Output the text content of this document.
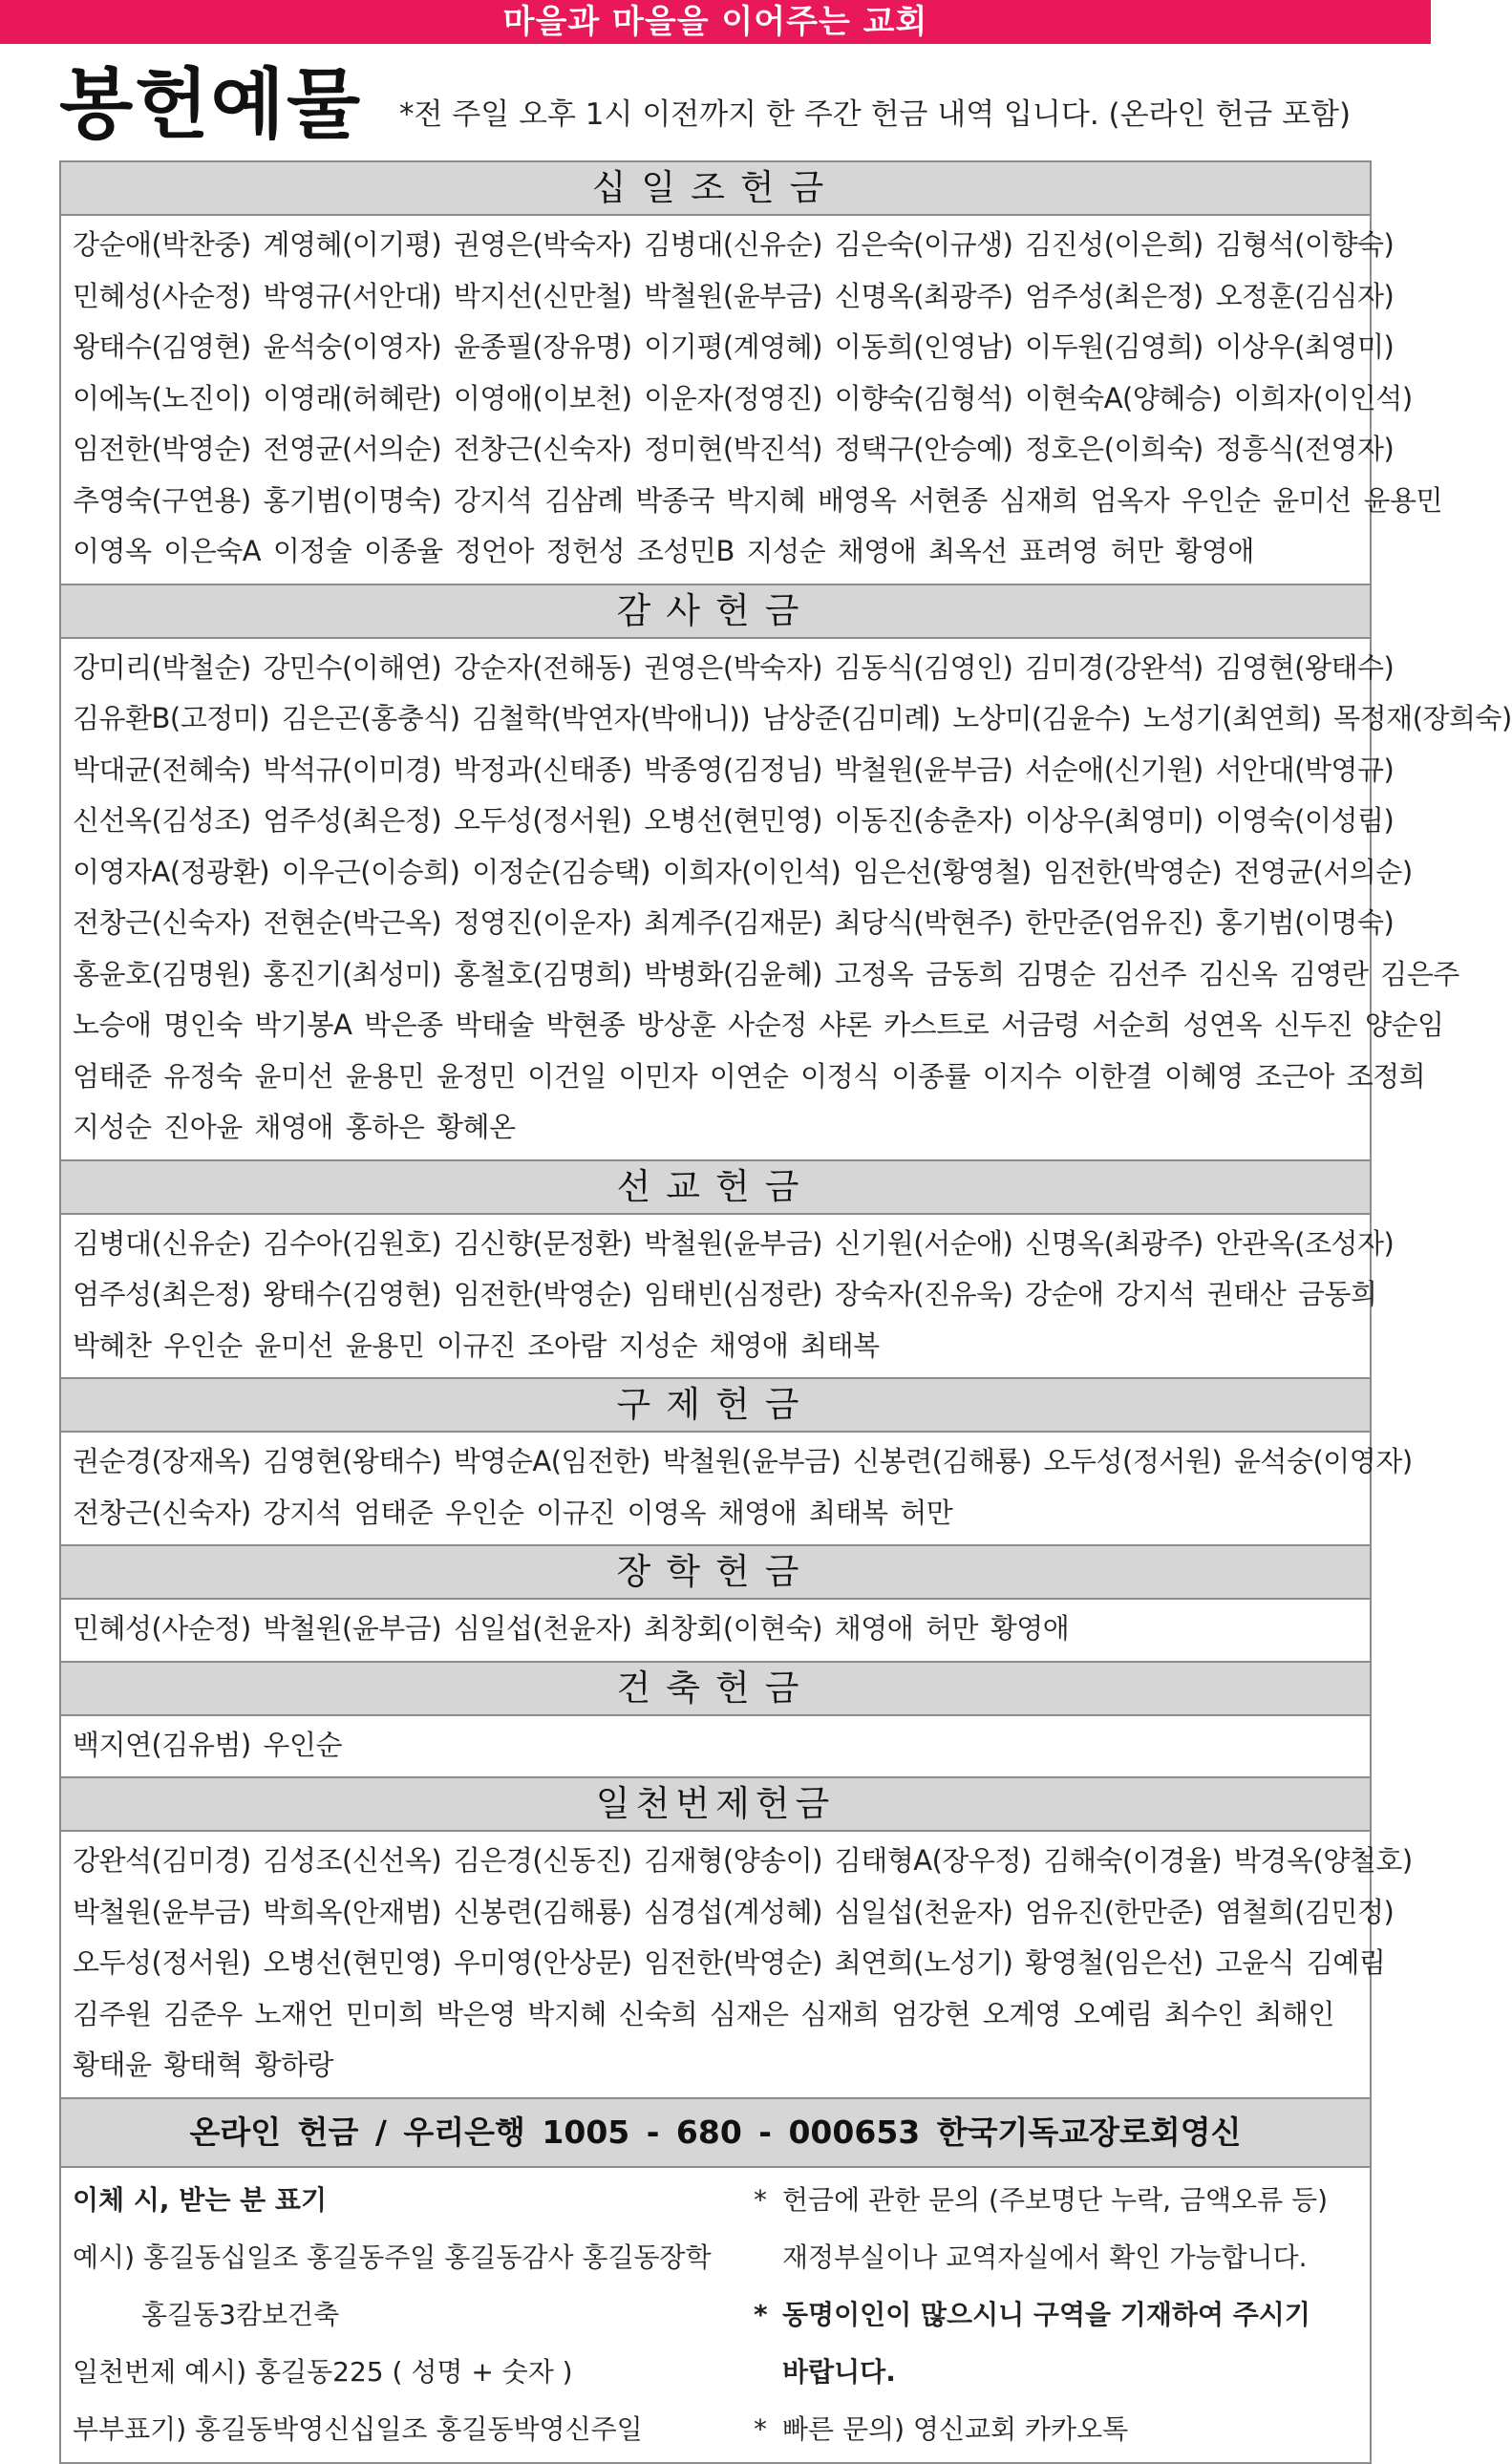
마을과 마을을 이어주는 교회
봉헌예물 *전 주일 오후 1시 이전까지 한 주간 헌금 내역 입니다. (온라인 헌금 포함)
십일조헌금
강순애(박찬중) 계영혜(이기평) 권영은(박숙자) 김병대(신유순) 김은숙(이규생) 김진성(이은희) 김형석(이향숙)
민혜성(사순정) 박영규(서안대) 박지선(신만철) 박철원(윤부금) 신명옥(최광주) 엄주성(최은정) 오정훈(김심자)
왕태수(김영현) 윤석숭(이영자) 윤종필(장유명) 이기평(계영혜) 이동희(인영남) 이두원(김영희) 이상우(최영미)
이에녹(노진이) 이영래(허혜란) 이영애(이보천) 이운자(정영진) 이향숙(김형석) 이현숙A(양혜승) 이희자(이인석)
임전한(박영순) 전영균(서의순) 전창근(신숙자) 정미현(박진석) 정택구(안승예) 정호은(이희숙) 정흥식(전영자)
추영숙(구연용) 홍기범(이명숙) 강지석 김삼례 박종국 박지혜 배영옥 서현종 심재희 엄옥자 우인순 윤미선 윤용민
이영옥 이은숙A 이정술 이종율 정언아 정헌성 조성민B 지성순 채영애 최옥선 표려영 허만 황영애
감사헌금
강미리(박철순) 강민수(이해연) 강순자(전해동) 권영은(박숙자) 김동식(김영인) 김미경(강완석) 김영현(왕태수)
김유환B(고정미) 김은곤(홍충식) 김철학(박연자(박애니)) 남상준(김미례) 노상미(김윤수) 노성기(최연희) 목정재(장희숙)
박대균(전혜숙) 박석규(이미경) 박정과(신태종) 박종영(김정님) 박철원(윤부금) 서순애(신기원) 서안대(박영규)
신선옥(김성조) 엄주성(최은정) 오두성(정서원) 오병선(현민영) 이동진(송춘자) 이상우(최영미) 이영숙(이성림)
이영자A(정광환) 이우근(이승희) 이정순(김승택) 이희자(이인석) 임은선(황영철) 임전한(박영순) 전영균(서의순)
전창근(신숙자) 전현순(박근옥) 정영진(이운자) 최계주(김재문) 최당식(박현주) 한만준(엄유진) 홍기범(이명숙)
홍윤호(김명원) 홍진기(최성미) 홍철호(김명희) 박병화(김윤혜) 고정옥 금동희 김명순 김선주 김신옥 김영란 김은주
노승애 명인숙 박기봉A 박은종 박태술 박현종 방상훈 사순정 샤론 카스트로 서금령 서순희 성연옥 신두진 양순임
엄태준 유정숙 윤미선 윤용민 윤정민 이건일 이민자 이연순 이정식 이종률 이지수 이한결 이혜영 조근아 조정희
지성순 진아윤 채영애 홍하은 황혜온
선교헌금
김병대(신유순) 김수아(김원호) 김신향(문정환) 박철원(윤부금) 신기원(서순애) 신명옥(최광주) 안관옥(조성자)
엄주성(최은정) 왕태수(김영현) 임전한(박영순) 임태빈(심정란) 장숙자(진유욱) 강순애 강지석 권태산 금동희
박혜찬 우인순 윤미선 윤용민 이규진 조아람 지성순 채영애 최태복
구제헌금
권순경(장재옥) 김영현(왕태수) 박영순A(임전한) 박철원(윤부금) 신봉련(김해룡) 오두성(정서원) 윤석숭(이영자)
전창근(신숙자) 강지석 엄태준 우인순 이규진 이영옥 채영애 최태복 허만
장학헌금
민혜성(사순정) 박철원(윤부금) 심일섭(천윤자) 최창회(이현숙) 채영애 허만 황영애
건축헌금
백지연(김유범) 우인순
일천번제헌금
강완석(김미경) 김성조(신선옥) 김은경(신동진) 김재형(양송이) 김태형A(장우정) 김해숙(이경율) 박경옥(양철호)
박철원(윤부금) 박희옥(안재범) 신봉련(김해룡) 심경섭(계성혜) 심일섭(천윤자) 엄유진(한만준) 염철희(김민정)
오두성(정서원) 오병선(현민영) 우미영(안상문) 임전한(박영순) 최연희(노성기) 황영철(임은선) 고윤식 김예림
김주원 김준우 노재언 민미희 박은영 박지혜 신숙희 심재은 심재희 엄강현 오계영 오예림 최수인 최해인
황태윤 황태혁 황하랑
온라인 헌금 / 우리은행 1005 - 680 - 000653 한국기독교장로회영신
이체 시, 받는 분 표기
예시) 홍길동십일조 홍길동주일 홍길동감사 홍길동장학
홍길동3캄보건축
일천번제 예시) 홍길동225 ( 성명 + 숫자 )
부부표기) 홍길동박영신십일조 홍길동박영신주일
* 헌금에 관한 문의 (주보명단 누락, 금액오류 등)
재정부실이나 교역자실에서 확인 가능합니다.
* 동명이인이 많으시니 구역을 기재하여 주시기
바랍니다.
* 빠른 문의) 영신교회 카카오톡
